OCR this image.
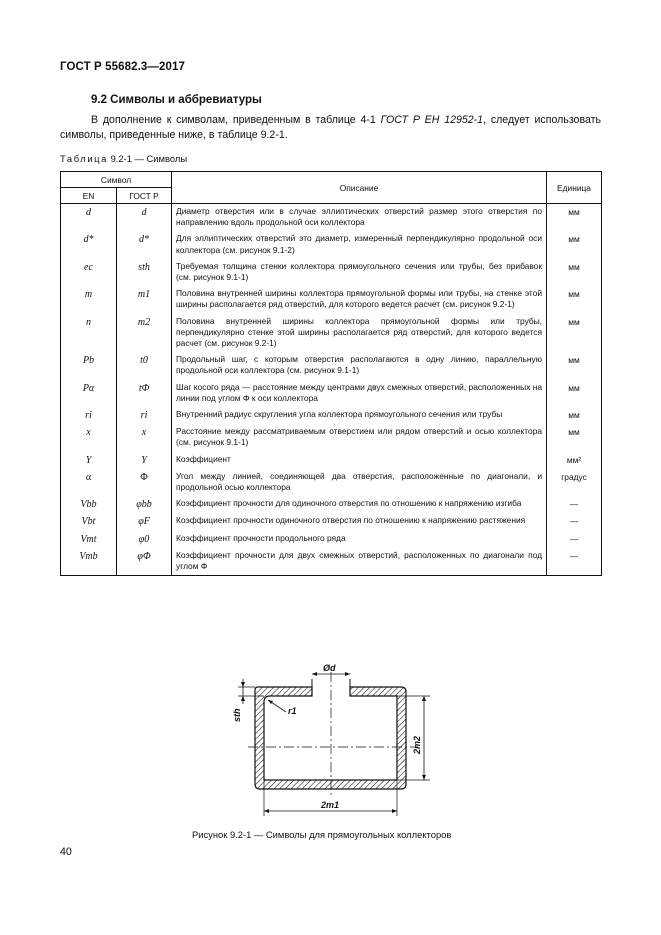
ГОСТ Р 55682.3—2017
9.2 Символы и аббревиатуры
В дополнение к символам, приведенным в таблице 4-1 ГОСТ Р ЕН 12952-1, следует использовать символы, приведенные ниже, в таблице 9.2-1.
Таблица 9.2-1 — Символы
Символ		Описание	Единица
EN	ГОСТ Р		
d	d	Диаметр отверстия или в случае эллиптических отверстий размер этого отверстия по направлению вдоль продольной оси коллектора	мм
d*	d*	Для эллиптических отверстий это диаметр, измеренный перпендикулярно продольной оси коллектора (см. рисунок 9.1-2)	мм
ec	sth	Требуемая толщина стенки коллектора прямоугольного сечения или трубы, без прибавок (см. рисунок 9.1-1)	мм
m	m1	Половина внутренней ширины коллектора прямоугольной формы или трубы, на стенке этой ширины располагается ряд отверстий, для которого ведется расчет (см. рисунок 9.2-1)	мм
n	m2	Половина внутренней ширины коллектора прямоугольной формы или трубы, перпендикулярно стенке этой ширины располагается ряд отверстий, для которого ведется расчет (см. рисунок 9.2-1)	мм
Pb	t0	Продольный шаг, с которым отверстия располагаются в одну линию, параллельную продольной оси коллектора (см. рисунок 9.1-1)	мм
Pα	tΦ	Шаг косого ряда — расстояние между центрами двух смежных отверстий, расположенных на линии под углом Φ к оси коллектора	мм
ri	ri	Внутренний радиус скругления угла коллектора прямоугольного сечения или трубы	мм
x	x	Расстояние между рассматриваемым отверстием или рядом отверстий и осью коллектора (см. рисунок 9.1-1)	мм
Y	Y	Коэффициент	мм²
α	Φ	Угол между линией, соединяющей два отверстия, расположенные по диагонали, и продольной осью коллектора	градус
Vbb	φbb	Коэффициент прочности для одиночного отверстия по отношению к напряжению изгиба	—
Vbt	φF	Коэффициент прочности одиночного отверстия по отношению к напряжению растяжения	—
Vmt	φ0	Коэффициент прочности продольного ряда	—
Vmb	φΦ	Коэффициент прочности для двух смежных отверстий, расположенных по диагонали под углом Φ	—
Ød
sth	r1
2m2
2m1
Рисунок 9.2-1 — Символы для прямоугольных коллекторов
40
